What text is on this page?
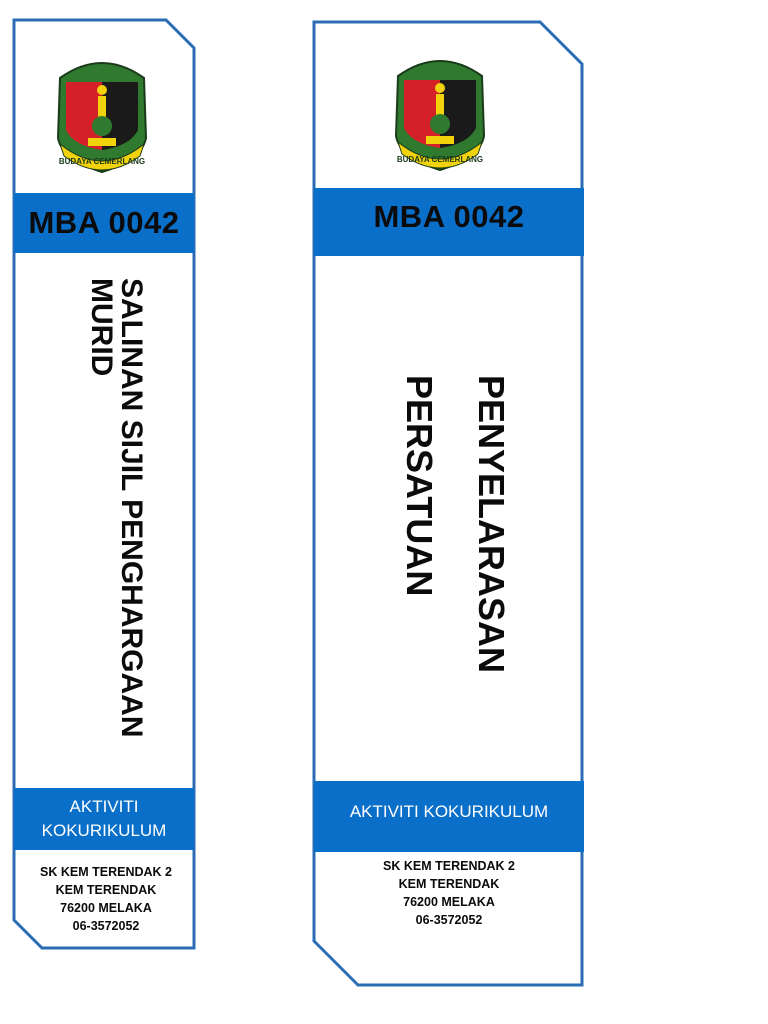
BUDAYA CEMERLANG
MBA 0042
SALINAN SIJIL PENGHARGAAN MURID
AKTIVITI
KOKURIKULUM
SK KEM TERENDAK 2
KEM TERENDAK
76200 MELAKA
06-3572052
BUDAYA CEMERLANG
MBA 0042
PENYELARASAN PERSATUAN
AKTIVITI KOKURIKULUM
SK KEM TERENDAK 2
KEM TERENDAK
76200 MELAKA
06-3572052
